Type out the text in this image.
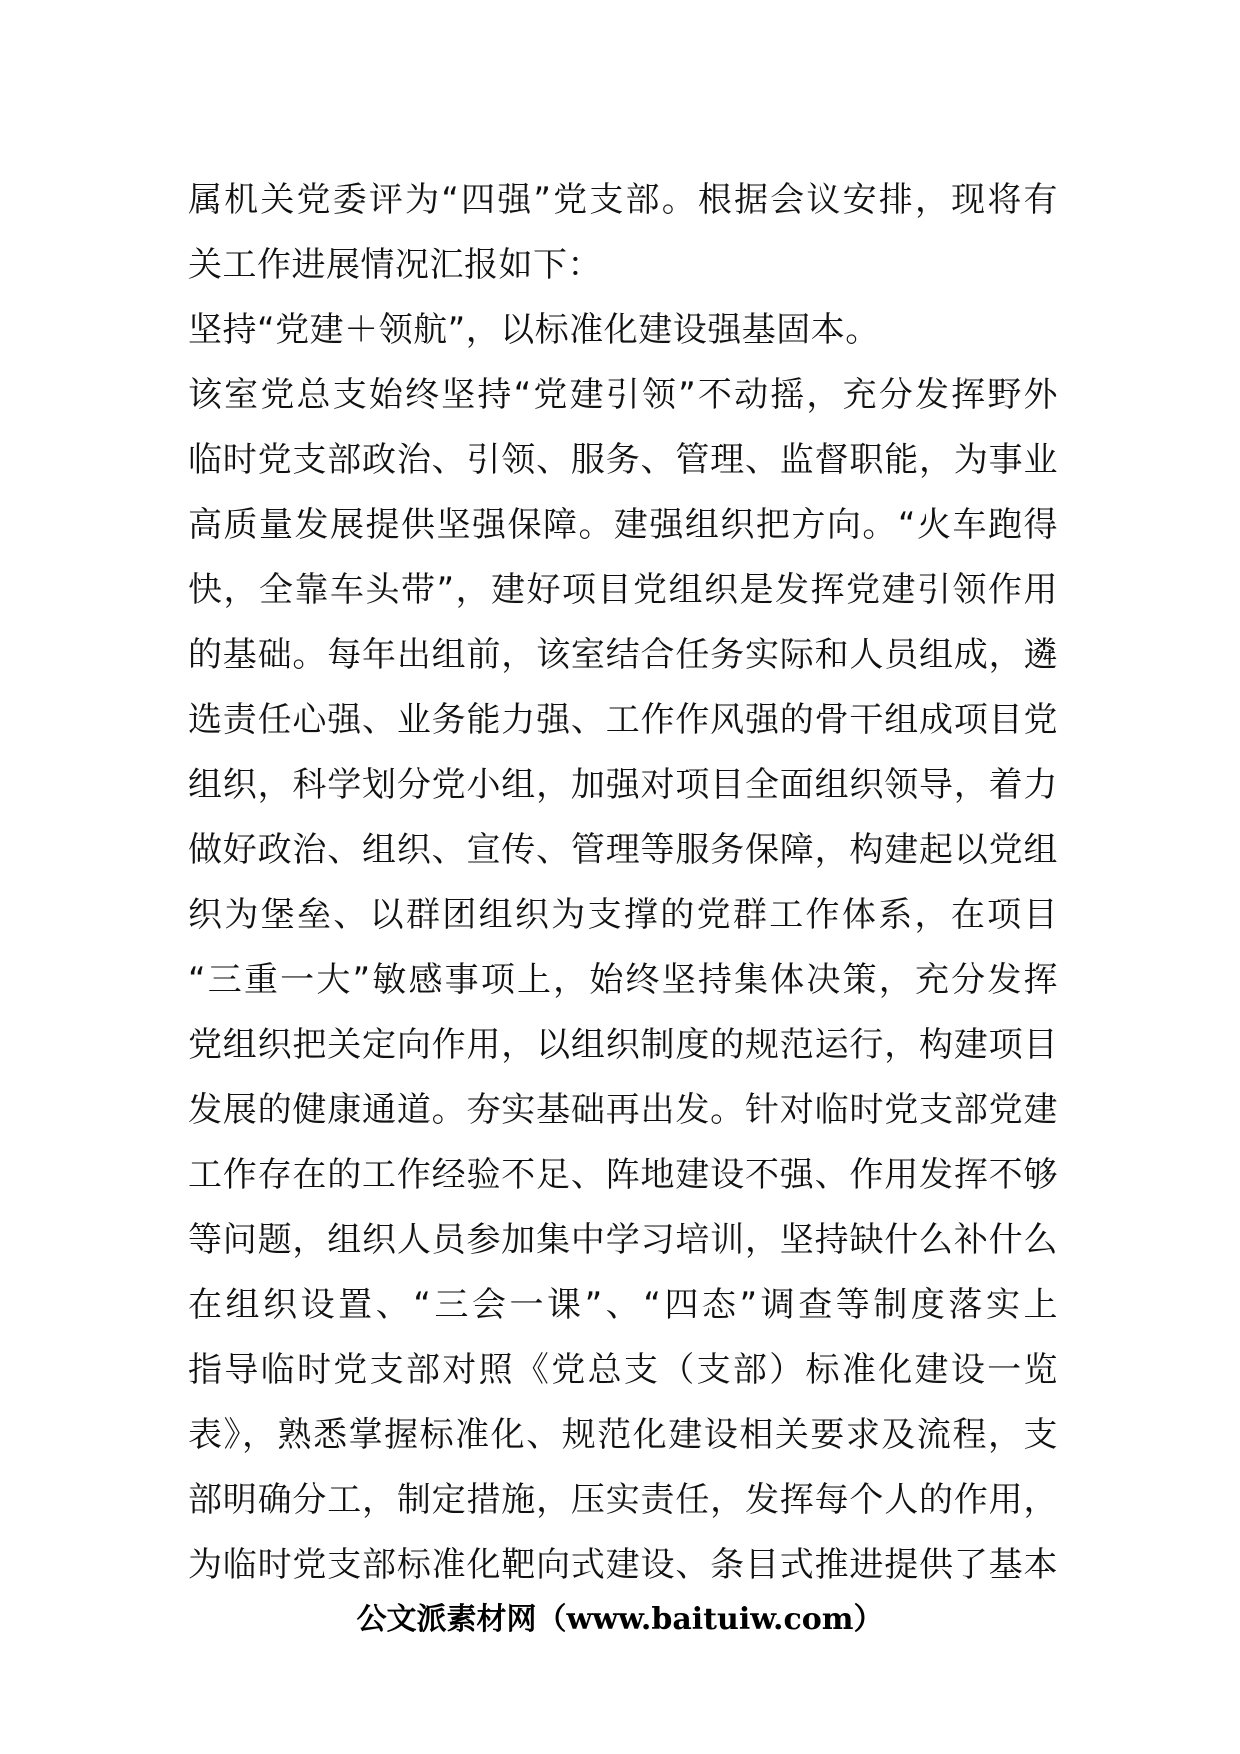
属机关党委评为“四强”党支部。根据会议安排，现将有
关工作进展情况汇报如下：
坚持“党建＋领航”，以标准化建设强基固本。
该室党总支始终坚持“党建引领”不动摇，充分发挥野外
临时党支部政治、引领、服务、管理、监督职能，为事业
高质量发展提供坚强保障。建强组织把方向。“火车跑得
快，全靠车头带”，建好项目党组织是发挥党建引领作用
的基础。每年出组前，该室结合任务实际和人员组成，遴
选责任心强、业务能力强、工作作风强的骨干组成项目党
组织，科学划分党小组，加强对项目全面组织领导，着力
做好政治、组织、宣传、管理等服务保障，构建起以党组
织为堡垒、以群团组织为支撑的党群工作体系，在项目
“三重一大”敏感事项上，始终坚持集体决策，充分发挥
党组织把关定向作用，以组织制度的规范运行，构建项目
发展的健康通道。夯实基础再出发。针对临时党支部党建
工作存在的工作经验不足、阵地建设不强、作用发挥不够
等问题，组织人员参加集中学习培训，坚持缺什么补什么
在组织设置、“三会一课”、“四态”调查等制度落实上
指导临时党支部对照《党总支（支部）标准化建设一览
表》，熟悉掌握标准化、规范化建设相关要求及流程，支
部明确分工，制定措施，压实责任，发挥每个人的作用，
为临时党支部标准化靶向式建设、条目式推进提供了基本
公文派素材网（www.baituiw.com）
